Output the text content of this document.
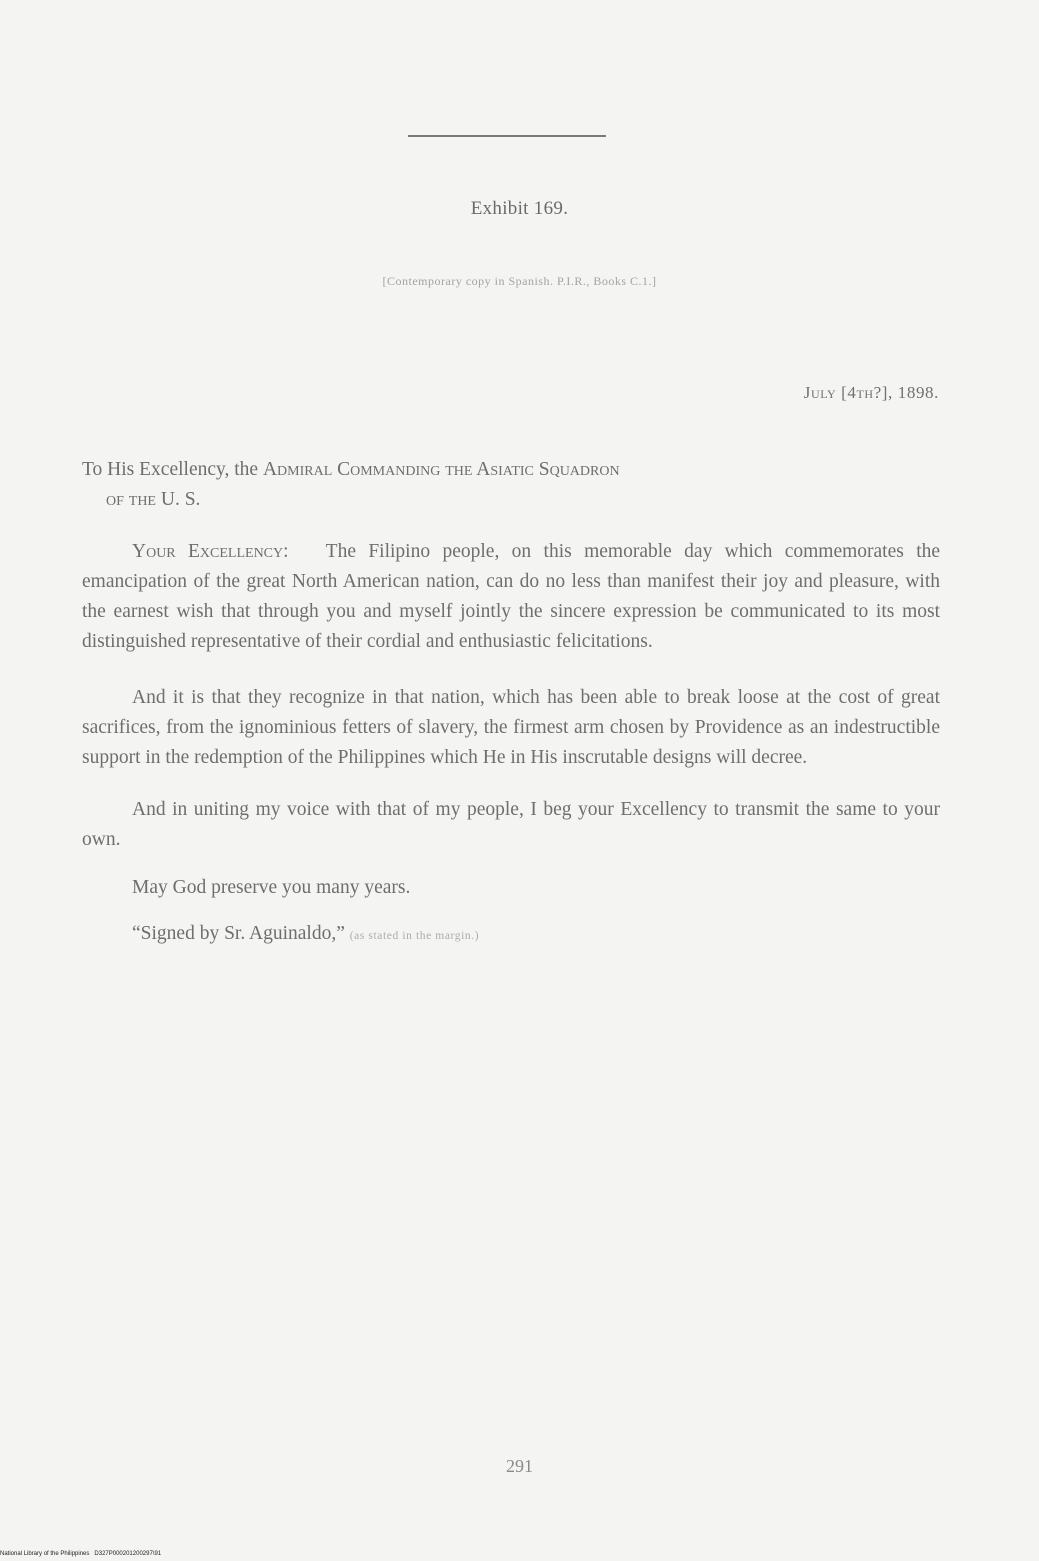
Exhibit 169.
[Contemporary copy in Spanish. P.I.R., Books C.1.]
July [4th?], 1898.

To His Excellency, the Admiral Commanding the Asiatic Squadron
of the U. S.

Your Excellency: The Filipino people, on this memorable day which commemorates the emancipation of the great North American nation, can do no less than manifest their joy and pleasure, with the earnest wish that through you and myself jointly the sincere expression be communicated to its most distinguished representative of their cordial and enthusiastic felicitations.

And it is that they recognize in that nation, which has been able to break loose at the cost of great sacrifices, from the ignominious fetters of slavery, the firmest arm chosen by Providence as an indestructible support in the redemption of the Philippines which He in His inscrutable designs will decree.

And in uniting my voice with that of my people, I beg your Excellency to transmit the same to your own.

May God preserve you many years.

“Signed by Sr. Aguinaldo,” (as stated in the margin.)

291
National Library of the Philippines D327P000201200297\91
